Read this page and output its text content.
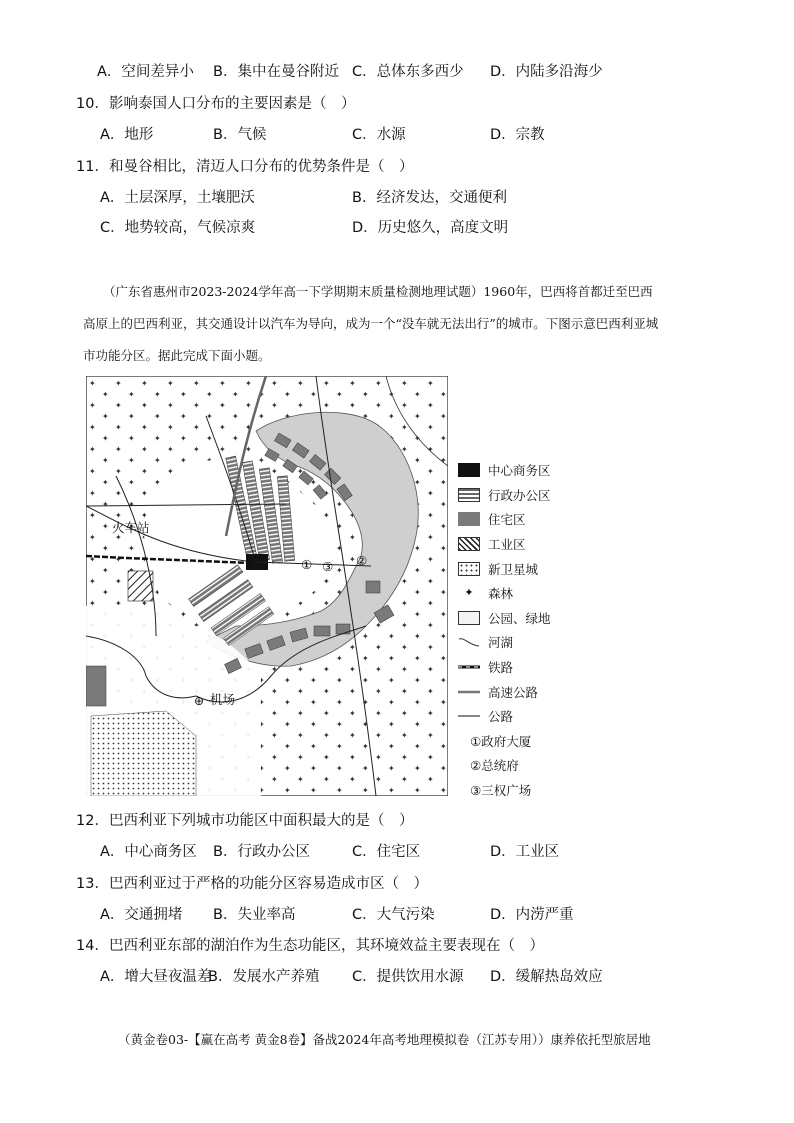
A．空间差异小 B．集中在曼谷附近 C．总体东多西少 D．内陆多沿海少
10．影响泰国人口分布的主要因素是（　）
A．地形	B．气候	C．水源	D．宗教
11．和曼谷相比，清迈人口分布的优势条件是（　）
A．土层深厚，土壤肥沃	B．经济发达，交通便利
C．地势较高，气候凉爽	D．历史悠久，高度文明

（广东省惠州市2023-2024学年高一下学期期末质量检测地理试题）1960年，巴西将首都迁至巴西

高原上的巴西利亚，其交通设计以汽车为导向，成为一个“没车就无法出行”的城市。下图示意巴西利亚城

市功能分区。据此完成下面小题。

火车站
机场
⊕
①	②
③
中心商务区
行政办公区
住宅区
工业区
新卫星城
✦	森林
公园、绿地
河湖
铁路
高速公路
公路
①政府大厦
②总统府
③三权广场
12．巴西利亚下列城市功能区中面积最大的是（　）
A．中心商务区 B．行政办公区	C．住宅区	D．工业区
13．巴西利亚过于严格的功能分区容易造成市区（　）
A．交通拥堵 B．失业率高	C．大气污染	D．内涝严重
14．巴西利亚东部的湖泊作为生态功能区，其环境效益主要表现在（　）
A．增大昼夜温差
B．发展水产养殖 C．提供饮用水源 D．缓解热岛效应
（黄金卷03-【赢在高考 黄金8卷】备战2024年高考地理模拟卷（江苏专用））康养依托型旅居地
